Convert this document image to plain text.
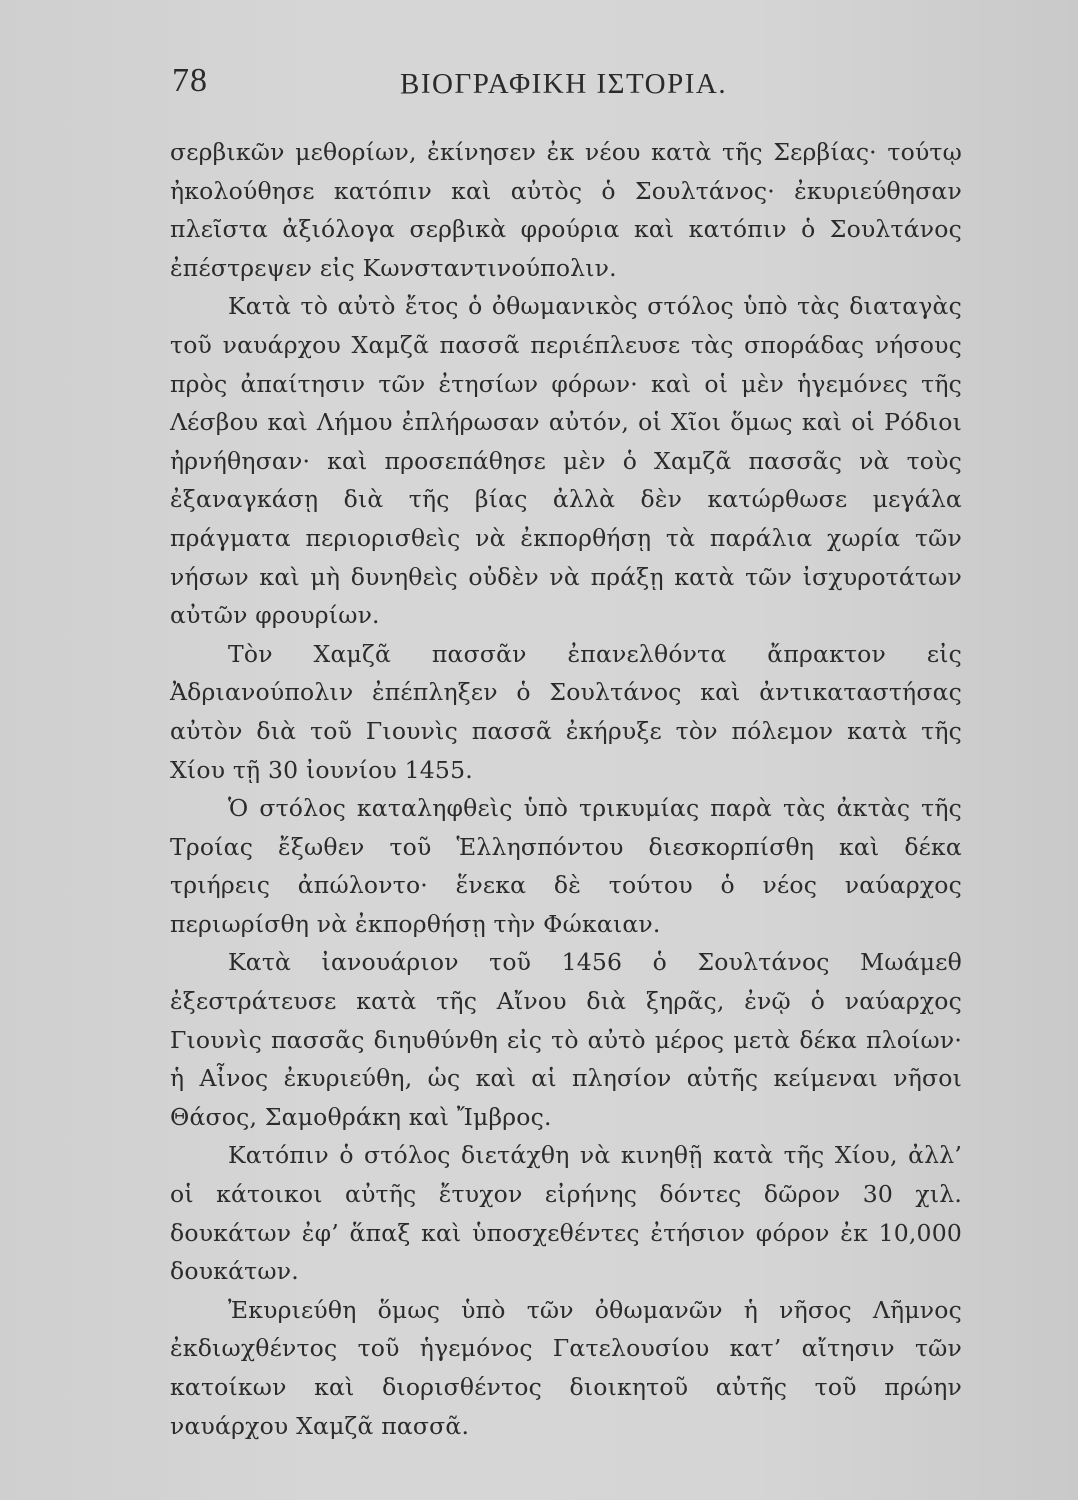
78	ΒΙΟΓΡΑΦΙΚΗ ΙΣΤΟΡΙΑ.

σερβικῶν μεθορίων, ἐκίνησεν ἐκ νέου κατὰ τῆς Σερβίας· τούτῳ ἠκολούθησε κατόπιν καὶ αὐτὸς ὁ Σουλτάνος· ἐκυριεύθησαν πλεῖστα ἀξιόλογα σερβικὰ φρούρια καὶ κατόπιν ὁ Σουλτάνος ἐπέστρεψεν εἰς Κωνσταντινούπολιν.

Κατὰ τὸ αὐτὸ ἔτος ὁ ὀθωμανικὸς στόλος ὑπὸ τὰς διαταγὰς τοῦ ναυάρχου Χαμζᾶ πασσᾶ περιέπλευσε τὰς σποράδας νήσους πρὸς ἀπαίτησιν τῶν ἐτησίων φόρων· καὶ οἱ μὲν ἡγεμόνες τῆς Λέσβου καὶ Λήμου ἐπλήρωσαν αὐτόν, οἱ Χῖοι ὅμως καὶ οἱ Ρόδιοι ἠρνήθησαν· καὶ προσεπάθησε μὲν ὁ Χαμζᾶ πασσᾶς νὰ τοὺς ἐξαναγκάσῃ διὰ τῆς βίας ἀλλὰ δὲν κατώρθωσε μεγάλα πράγματα περιορισθεὶς νὰ ἐκπορθήσῃ τὰ παράλια χωρία τῶν νήσων καὶ μὴ δυνηθεὶς οὐδὲν νὰ πράξῃ κατὰ τῶν ἰσχυροτάτων αὐτῶν φρουρίων.

Τὸν Χαμζᾶ πασσᾶν ἐπανελθόντα ἄπρακτον εἰς Ἀδριανούπολιν ἐπέπληξεν ὁ Σουλτάνος καὶ ἀντικαταστήσας αὐτὸν διὰ τοῦ Γιουνὶς πασσᾶ ἐκήρυξε τὸν πόλεμον κατὰ τῆς Χίου τῇ 30 ἰουνίου 1455.

Ὁ στόλος καταληφθεὶς ὑπὸ τρικυμίας παρὰ τὰς ἀκτὰς τῆς Τροίας ἔξωθεν τοῦ Ἑλλησπόντου διεσκορπίσθη καὶ δέκα τριήρεις ἀπώλοντο· ἕνεκα δὲ τούτου ὁ νέος ναύαρχος περιωρίσθη νὰ ἐκπορθήσῃ τὴν Φώκαιαν.

Κατὰ ἰανουάριον τοῦ 1456 ὁ Σουλτάνος Μωάμεθ ἐξεστράτευσε κατὰ τῆς Αἴνου διὰ ξηρᾶς, ἐνῷ ὁ ναύαρχος Γιουνὶς πασσᾶς διηυθύνθη εἰς τὸ αὐτὸ μέρος μετὰ δέκα πλοίων· ἡ Αἶνος ἐκυριεύθη, ὡς καὶ αἱ πλησίον αὐτῆς κείμεναι νῆσοι Θάσος, Σαμοθράκη καὶ Ἴμβρος.

Κατόπιν ὁ στόλος διετάχθη νὰ κινηθῇ κατὰ τῆς Χίου, ἀλλ’ οἱ κάτοικοι αὐτῆς ἔτυχον εἰρήνης δόντες δῶρον 30 χιλ. δουκάτων ἐφ’ ἅπαξ καὶ ὑποσχεθέντες ἐτήσιον φόρον ἐκ 10,000 δουκάτων.

Ἐκυριεύθη ὅμως ὑπὸ τῶν ὀθωμανῶν ἡ νῆσος Λῆμνος ἐκδιωχθέντος τοῦ ἡγεμόνος Γατελουσίου κατ’ αἴτησιν τῶν κατοίκων καὶ διορισθέντος διοικητοῦ αὐτῆς τοῦ πρώην ναυάρχου Χαμζᾶ πασσᾶ.
